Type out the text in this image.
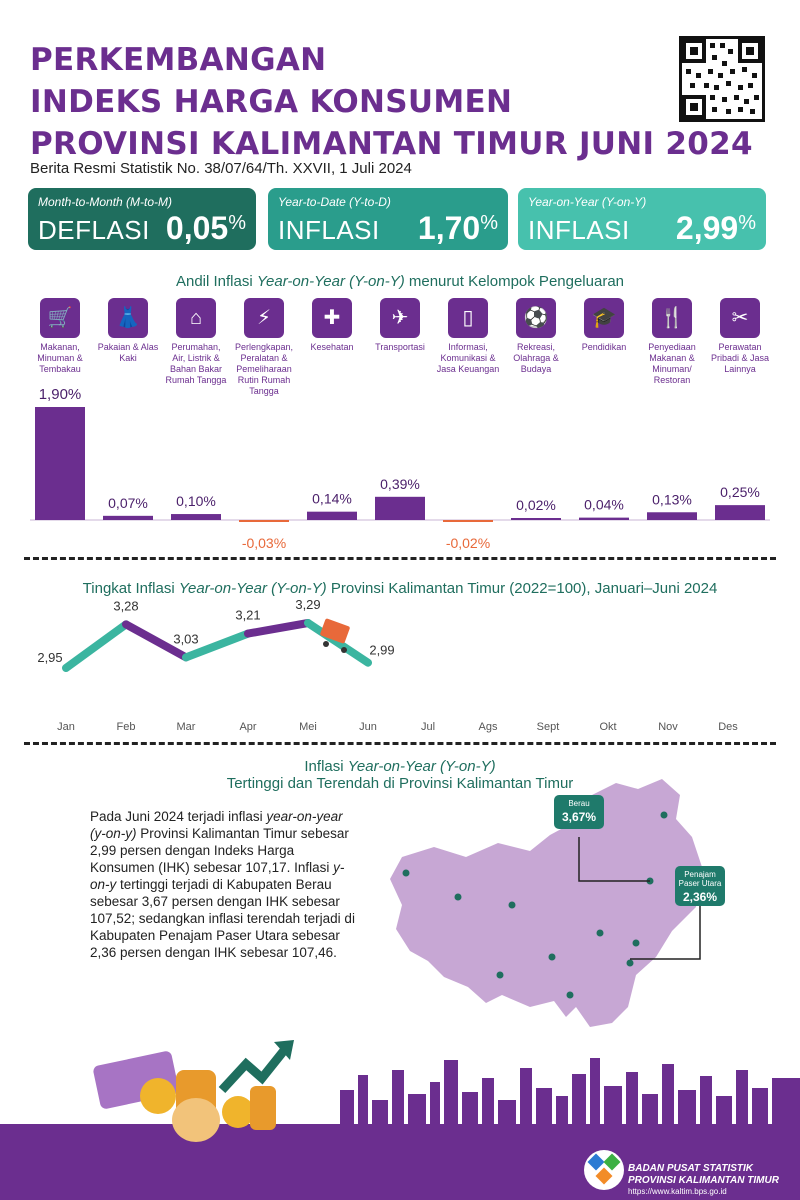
PERKEMBANGAN
INDEKS HARGA KONSUMEN
PROVINSI KALIMANTAN TIMUR JUNI 2024
Berita Resmi Statistik No. 38/07/64/Th. XXVII, 1 Juli 2024
Month-to-Month (M-to-M)
DEFLASI 0,05%
Year-to-Date (Y-to-D)
INFLASI 1,70%
Year-on-Year (Y-on-Y)
INFLASI 2,99%
Andil Inflasi Year-on-Year (Y-on-Y) menurut Kelompok Pengeluaran
🛒
Makanan, Minuman & Tembakau
👗
Pakaian & Alas Kaki
⌂
Perumahan, Air, Listrik & Bahan Bakar Rumah Tangga
⚡
Perlengkapan, Peralatan & Pemeliharaan Rutin Rumah Tangga
✚
Kesehatan
✈
Transportasi
▯
Informasi, Komunikasi & Jasa Keuangan
⚽
Rekreasi, Olahraga & Budaya
🎓
Pendidikan
🍴
Penyediaan Makanan & Minuman/ Restoran
✂
Perawatan Pribadi & Jasa Lainnya
1,90%
0,07% 0,10%
-0,03%
0,14%
0,39%
-0,02%
0,02% 0,04% 0,13% 0,25%
Tingkat Inflasi Year-on-Year (Y-on-Y) Provinsi Kalimantan Timur (2022=100), Januari–Juni 2024
2,95
3,28
3,03
3,21
3,29
2,99
Jan	Feb	Mar	Apr	Mei	Jun	Jul	Ags	Sept	Okt	Nov	Des
Inflasi Year-on-Year (Y-on-Y)
Tertinggi dan Terendah di Provinsi Kalimantan Timur
Pada Juni 2024 terjadi inflasi year-on-year (y-on-y) Provinsi Kalimantan Timur sebesar 2,99 persen dengan Indeks Harga Konsumen (IHK) sebesar 107,17. Inflasi y-on-y tertinggi terjadi di Kabupaten Berau sebesar 3,67 persen dengan IHK sebesar 107,52; sedangkan inflasi terendah terjadi di Kabupaten Penajam Paser Utara sebesar 2,36 persen dengan IHK sebesar 107,46.
Berau
3,67%
Penajam Paser Utara
2,36%
BADAN PUSAT STATISTIK
PROVINSI KALIMANTAN TIMUR
https://www.kaltim.bps.go.id
